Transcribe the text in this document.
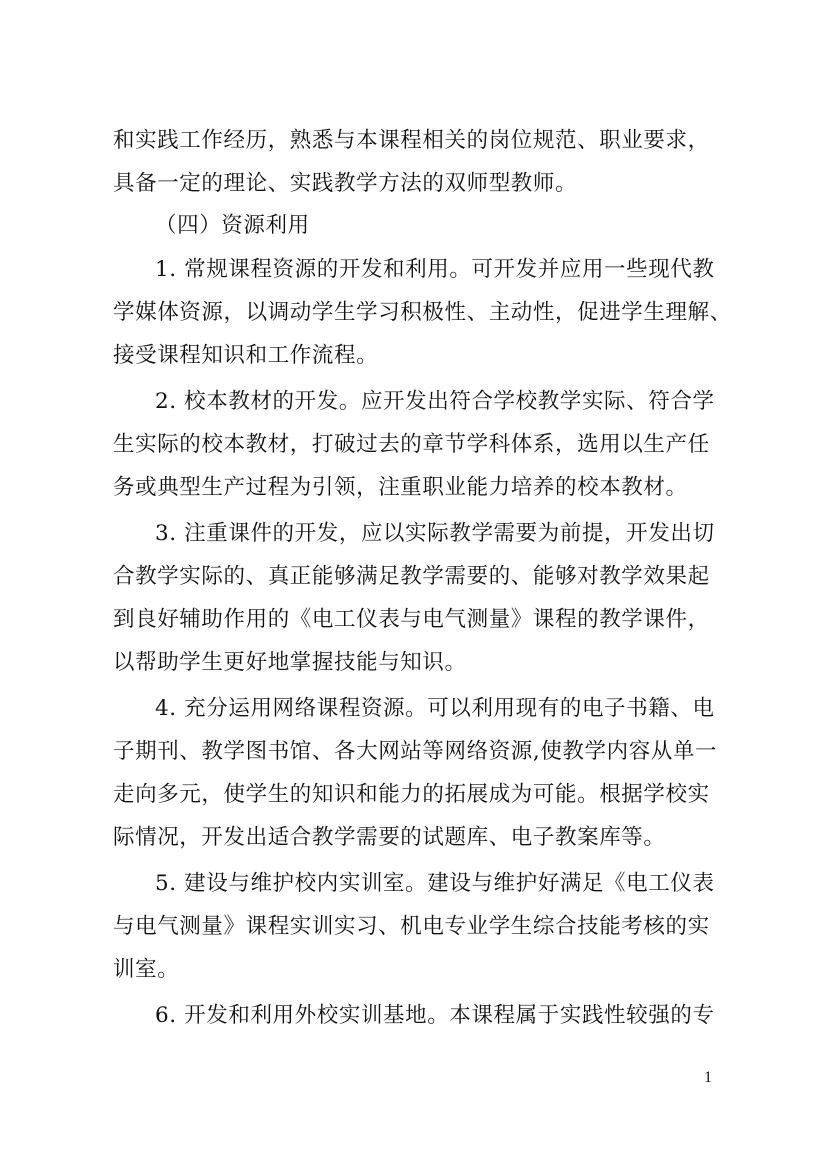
和实践工作经历，熟悉与本课程相关的岗位规范、职业要求，
具备一定的理论、实践教学方法的双师型教师。
（四）资源利用
1. 常规课程资源的开发和利用。可开发并应用一些现代教
学媒体资源，以调动学生学习积极性、主动性，促进学生理解、
接受课程知识和工作流程。
2. 校本教材的开发。应开发出符合学校教学实际、符合学
生实际的校本教材，打破过去的章节学科体系，选用以生产任
务或典型生产过程为引领，注重职业能力培养的校本教材。
3. 注重课件的开发，应以实际教学需要为前提，开发出切
合教学实际的、真正能够满足教学需要的、能够对教学效果起
到良好辅助作用的《电工仪表与电气测量》课程的教学课件，
以帮助学生更好地掌握技能与知识。
4. 充分运用网络课程资源。可以利用现有的电子书籍、电
子期刊、教学图书馆、各大网站等网络资源,使教学内容从单一
走向多元，使学生的知识和能力的拓展成为可能。根据学校实
际情况，开发出适合教学需要的试题库、电子教案库等。
5. 建设与维护校内实训室。建设与维护好满足《电工仪表
与电气测量》课程实训实习、机电专业学生综合技能考核的实
训室。
6. 开发和利用外校实训基地。本课程属于实践性较强的专
1
